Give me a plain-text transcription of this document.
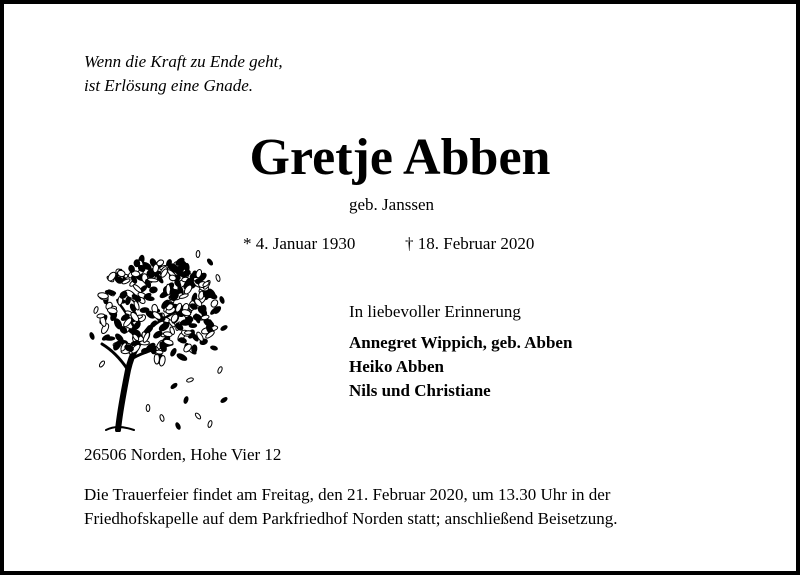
Wenn die Kraft zu Ende geht,
ist Erlösung eine Gnade.
Gretje Abben
geb. Janssen
* 4. Januar 1930	† 18. Februar 2020
In liebevoller Erinnerung
Annegret Wippich, geb. Abben
Heiko Abben
Nils und Christiane
26506 Norden, Hohe Vier 12
Die Trauerfeier findet am Freitag, den 21. Februar 2020, um 13.30 Uhr in der
Friedhofskapelle auf dem Parkfriedhof Norden statt; anschließend Beisetzung.
